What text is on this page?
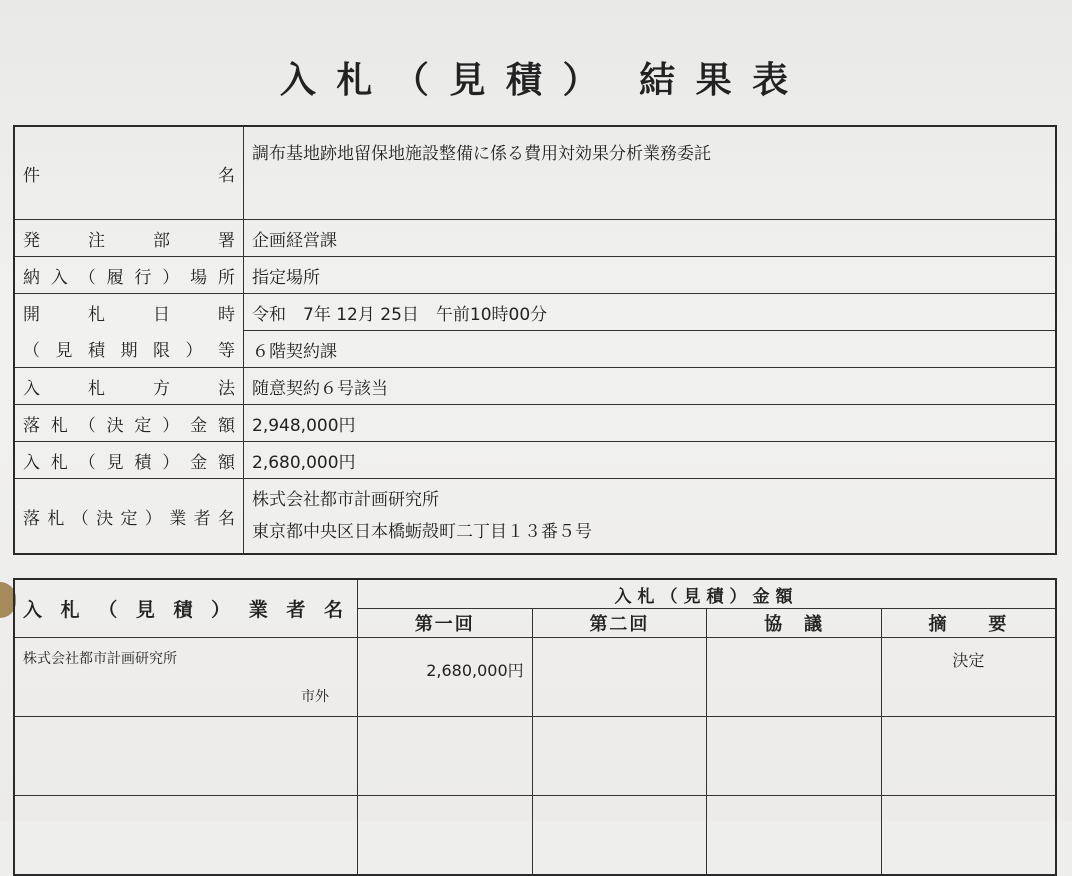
入 札 （ 見 積 ） 結 果 表
件　　　　　　　　名	調布基地跡地留保地施設整備に係る費用対効果分析業務委託

発　注　部　署	企画経営課

納入（履行）場所	指定場所

開　札　日　時	令和　7年 12月 25日　午前10時00分

（見積期限）等	６階契約課

入　札　方　法	随意契約６号該当

落札（決定）金額	2,948,000円

入札（見積）金額	2,680,000円

落札（決定）業者名	株式会社都市計画研究所
東京都中央区日本橋蛎殻町二丁目１３番５号
入 札 （ 見 積 ） 業 者 名	入札（見積）金額			
	第一回	第二回	協　議	摘　　要

株式会社都市計画研究所
市外	2,680,000円			決定
